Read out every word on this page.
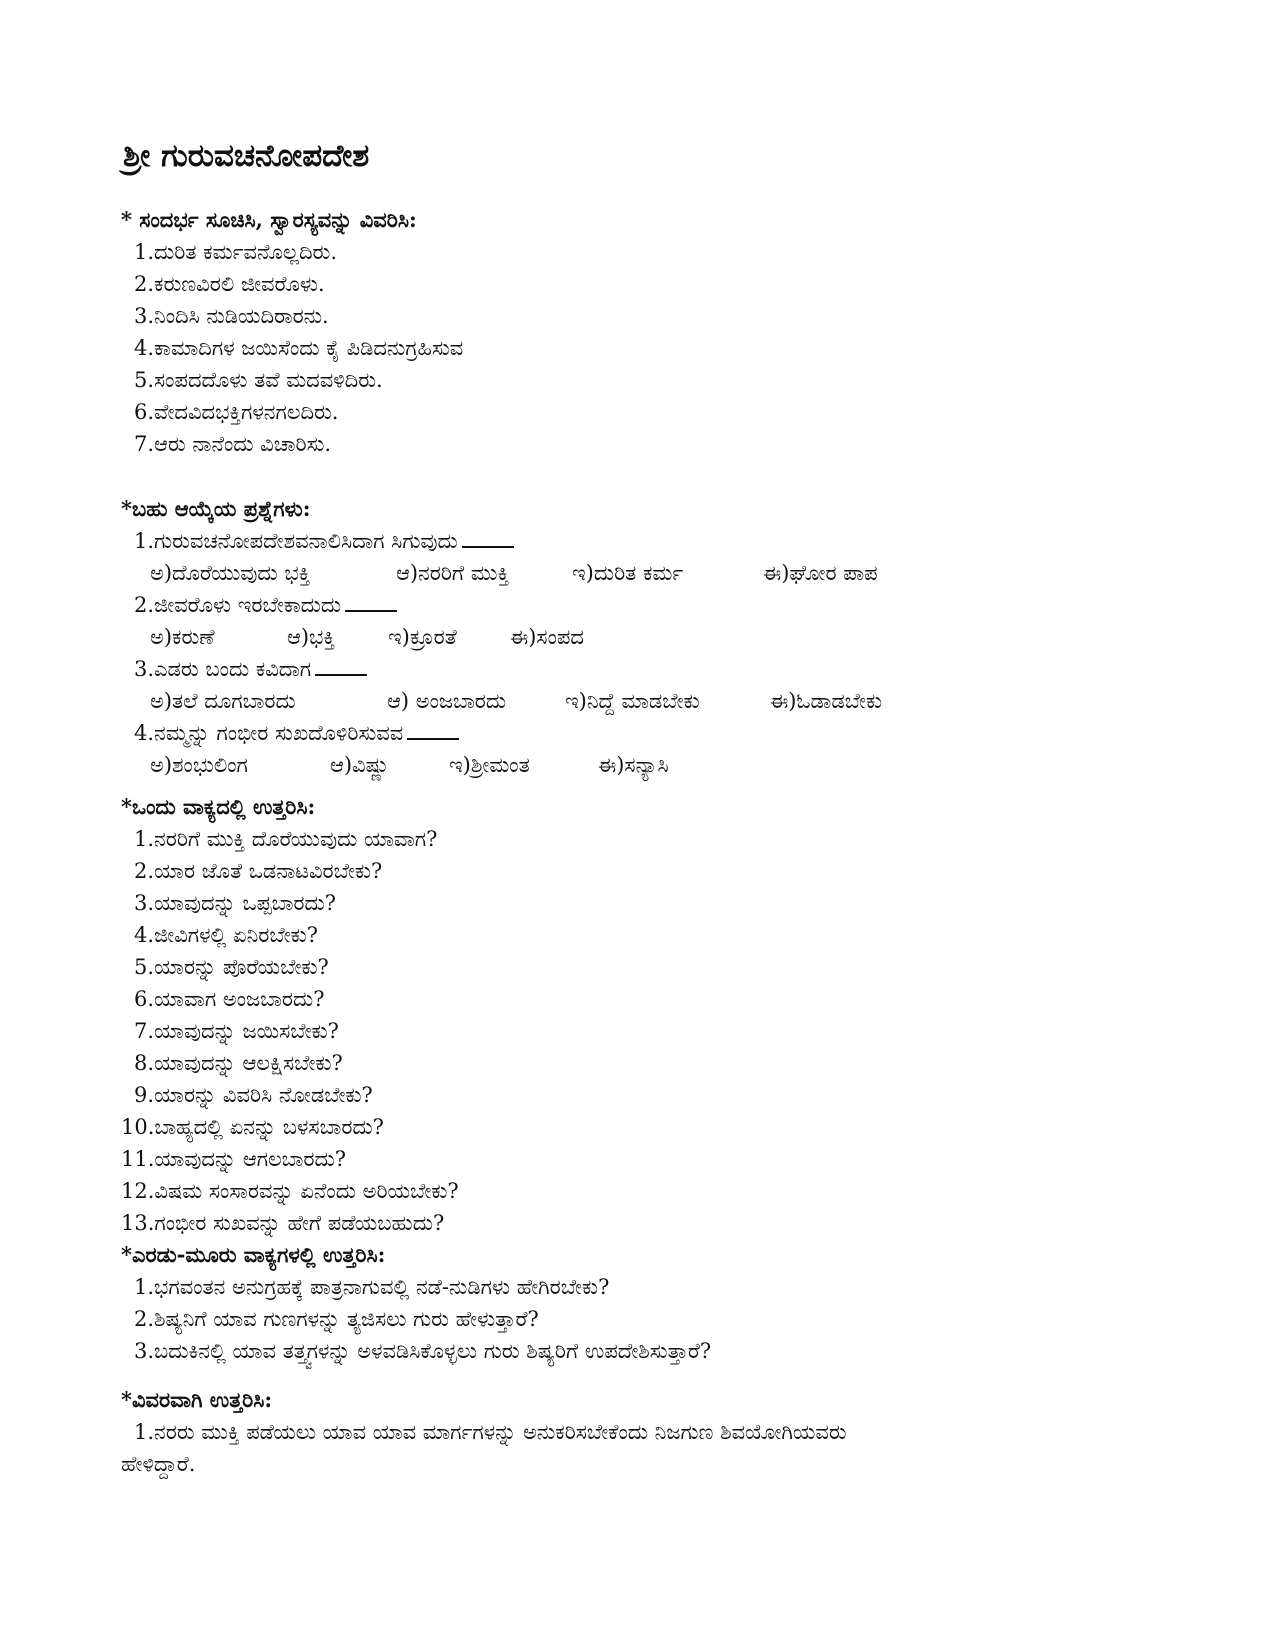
ಶ್ರೀ ಗುರುವಚನೋಪದೇಶ
* ಸಂದರ್ಭ ಸೂಚಿಸಿ, ಸ್ವಾರಸ್ಯವನ್ನು ವಿವರಿಸಿ:
1.ದುರಿತ ಕರ್ಮವನೊಲ್ಲದಿರು.
2.ಕರುಣವಿರಲಿ ಜೀವರೊಳು.
3.ನಿಂದಿಸಿ ನುಡಿಯದಿರಾರನು.
4.ಕಾಮಾದಿಗಳ ಜಯಿಸೆಂದು ಕೈ ಪಿಡಿದನುಗ್ರಹಿಸುವ
5.ಸಂಪದದೊಳು ತವೆ ಮದವಳಿದಿರು.
6.ವೇದವಿದಭಕ್ತಿಗಳನಗಲದಿರು.
7.ಆರು ನಾನೆಂದು ವಿಚಾರಿಸು.
*ಬಹು ಆಯ್ಕೆಯ ಪ್ರಶ್ನೆಗಳು:
1.ಗುರುವಚನೋಪದೇಶವನಾಲಿಸಿದಾಗ ಸಿಗುವುದು
ಅ)ದೊರೆಯುವುದು ಭಕ್ತಿ	ಆ)ನರರಿಗೆ ಮುಕ್ತಿ	ಇ)ದುರಿತ ಕರ್ಮ	ಈ)ಘೋರ ಪಾಪ
2.ಜೀವರೊಳು ಇರಬೇಕಾದುದು
ಅ)ಕರುಣೆ	ಆ)ಭಕ್ತಿ	ಇ)ಕ್ರೂರತೆ	ಈ)ಸಂಪದ
3.ಎಡರು ಬಂದು ಕವಿದಾಗ
ಅ)ತಲೆ ದೂಗಬಾರದು	ಆ) ಅಂಜಬಾರದು	ಇ)ನಿದ್ದೆ ಮಾಡಬೇಕು	ಈ)ಓಡಾಡಬೇಕು
4.ನಮ್ಮನ್ನು ಗಂಭೀರ ಸುಖದೊಳಿರಿಸುವವ
ಅ)ಶಂಭುಲಿಂಗ	ಆ)ವಿಷ್ಣು	ಇ)ಶ್ರೀಮಂತ	ಈ)ಸನ್ಯಾಸಿ
*ಒಂದು ವಾಕ್ಯದಲ್ಲಿ ಉತ್ತರಿಸಿ:
1.ನರರಿಗೆ ಮುಕ್ತಿ ದೊರೆಯುವುದು ಯಾವಾಗ?
2.ಯಾರ ಜೊತೆ ಒಡನಾಟವಿರಬೇಕು?
3.ಯಾವುದನ್ನು ಒಪ್ಪಬಾರದು?
4.ಜೀವಿಗಳಲ್ಲಿ ಏನಿರಬೇಕು?
5.ಯಾರನ್ನು ಪೊರೆಯಬೇಕು?
6.ಯಾವಾಗ ಅಂಜಬಾರದು?
7.ಯಾವುದನ್ನು ಜಯಿಸಬೇಕು?
8.ಯಾವುದನ್ನು ಆಲಕ್ಷಿಸಬೇಕು?
9.ಯಾರನ್ನು ವಿವರಿಸಿ ನೋಡಬೇಕು?
10.ಬಾಹ್ಯದಲ್ಲಿ ಏನನ್ನು ಬಳಸಬಾರದು?
11.ಯಾವುದನ್ನು ಆಗಲಬಾರದು?
12.ವಿಷಮ ಸಂಸಾರವನ್ನು ಏನೆಂದು ಅರಿಯಬೇಕು?
13.ಗಂಭೀರ ಸುಖವನ್ನು ಹೇಗೆ ಪಡೆಯಬಹುದು?
*ಎರಡು-ಮೂರು ವಾಕ್ಯಗಳಲ್ಲಿ ಉತ್ತರಿಸಿ:
1.ಭಗವಂತನ ಅನುಗ್ರಹಕ್ಕೆ ಪಾತ್ರನಾಗುವಲ್ಲಿ ನಡೆ-ನುಡಿಗಳು ಹೇಗಿರಬೇಕು?
2.ಶಿಷ್ಯನಿಗೆ ಯಾವ ಗುಣಗಳನ್ನು ತ್ಯಜಿಸಲು ಗುರು ಹೇಳುತ್ತಾರೆ?
3.ಬದುಕಿನಲ್ಲಿ ಯಾವ ತತ್ತ್ವಗಳನ್ನು ಅಳವಡಿಸಿಕೊಳ್ಳಲು ಗುರು ಶಿಷ್ಯರಿಗೆ ಉಪದೇಶಿಸುತ್ತಾರೆ?
*ವಿವರವಾಗಿ ಉತ್ತರಿಸಿ:
1.ನರರು ಮುಕ್ತಿ ಪಡೆಯಲು ಯಾವ ಯಾವ ಮಾರ್ಗಗಳನ್ನು ಅನುಕರಿಸಬೇಕೆಂದು ನಿಜಗುಣ ಶಿವಯೋಗಿಯವರು
ಹೇಳಿದ್ದಾರೆ.
